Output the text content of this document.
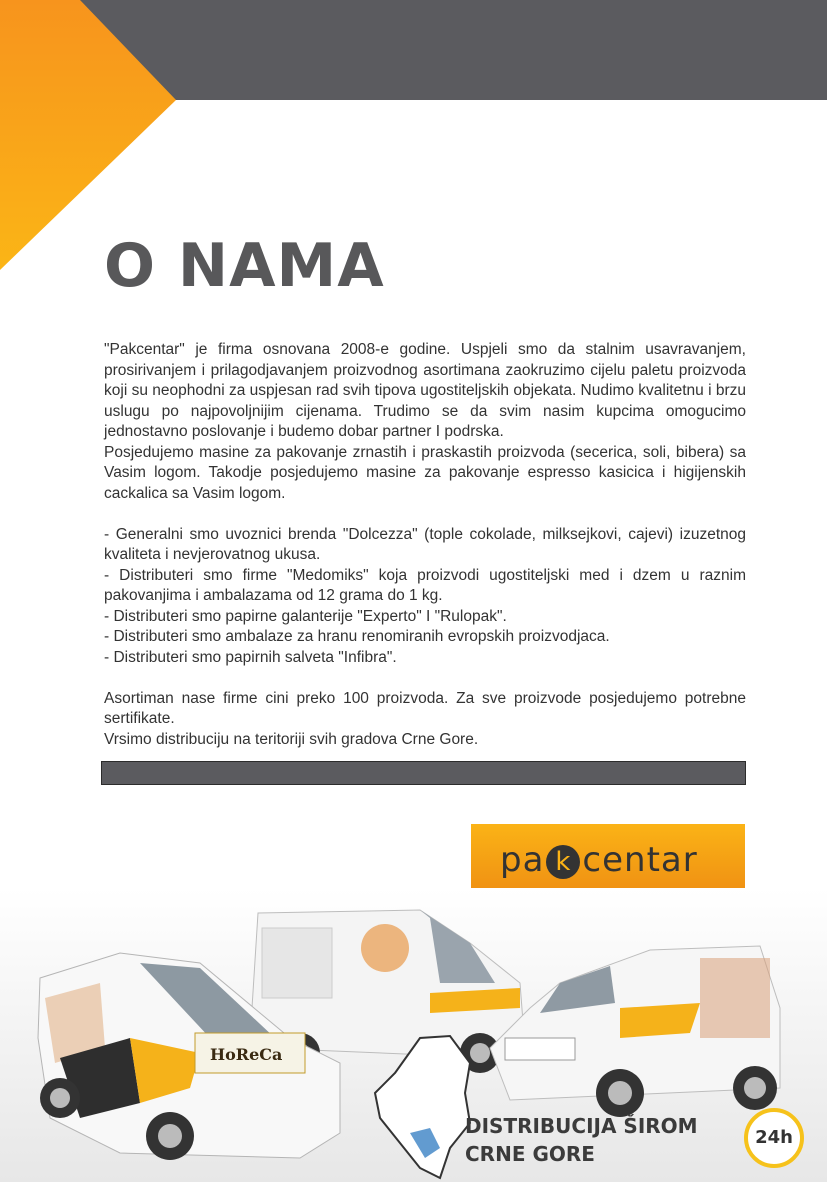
O NAMA

"Pakcentar" je firma osnovana 2008-e godine. Uspjeli smo da stalnim usavravanjem, prosirivanjem i prilagodjavanjem proizvodnog asortimana zaokruzimo cijelu paletu proizvoda koji su neophodni za uspjesan rad svih tipova ugostiteljskih objekata. Nudimo kvalitetnu i brzu uslugu po najpovoljnijim cijenama. Trudimo se da svim nasim kupcima omogucimo jednostavno poslovanje i budemo dobar partner I podrska.

Posjedujemo masine za pakovanje zrnastih i praskastih proizvoda (secerica, soli, bibera) sa Vasim logom. Takodje posjedujemo masine za pakovanje espresso kasicica i higijenskih cackalica sa Vasim logom.

- Generalni smo uvoznici brenda "Dolcezza" (tople cokolade, milksejkovi, cajevi) izuzetnog kvaliteta i nevjerovatnog ukusa.

- Distributeri smo firme "Medomiks" koja proizvodi ugostiteljski med i dzem u raznim pakovanjima i ambalazama od 12 grama do 1 kg.

- Distributeri smo papirne galanterije "Experto" I "Rulopak".

- Distributeri smo ambalaze za hranu renomiranih evropskih proizvodjaca.

- Distributeri smo papirnih salveta "Infibra".

Asortiman nase firme cini preko 100 proizvoda. Za sve proizvode posjedujemo potrebne sertifikate.

Vrsimo distribuciju na teritoriji svih gradova Crne Gore.

pa k centar
HoReCa
DISTRIBUCIJA ŠIROM
CRNE GORE
24h
